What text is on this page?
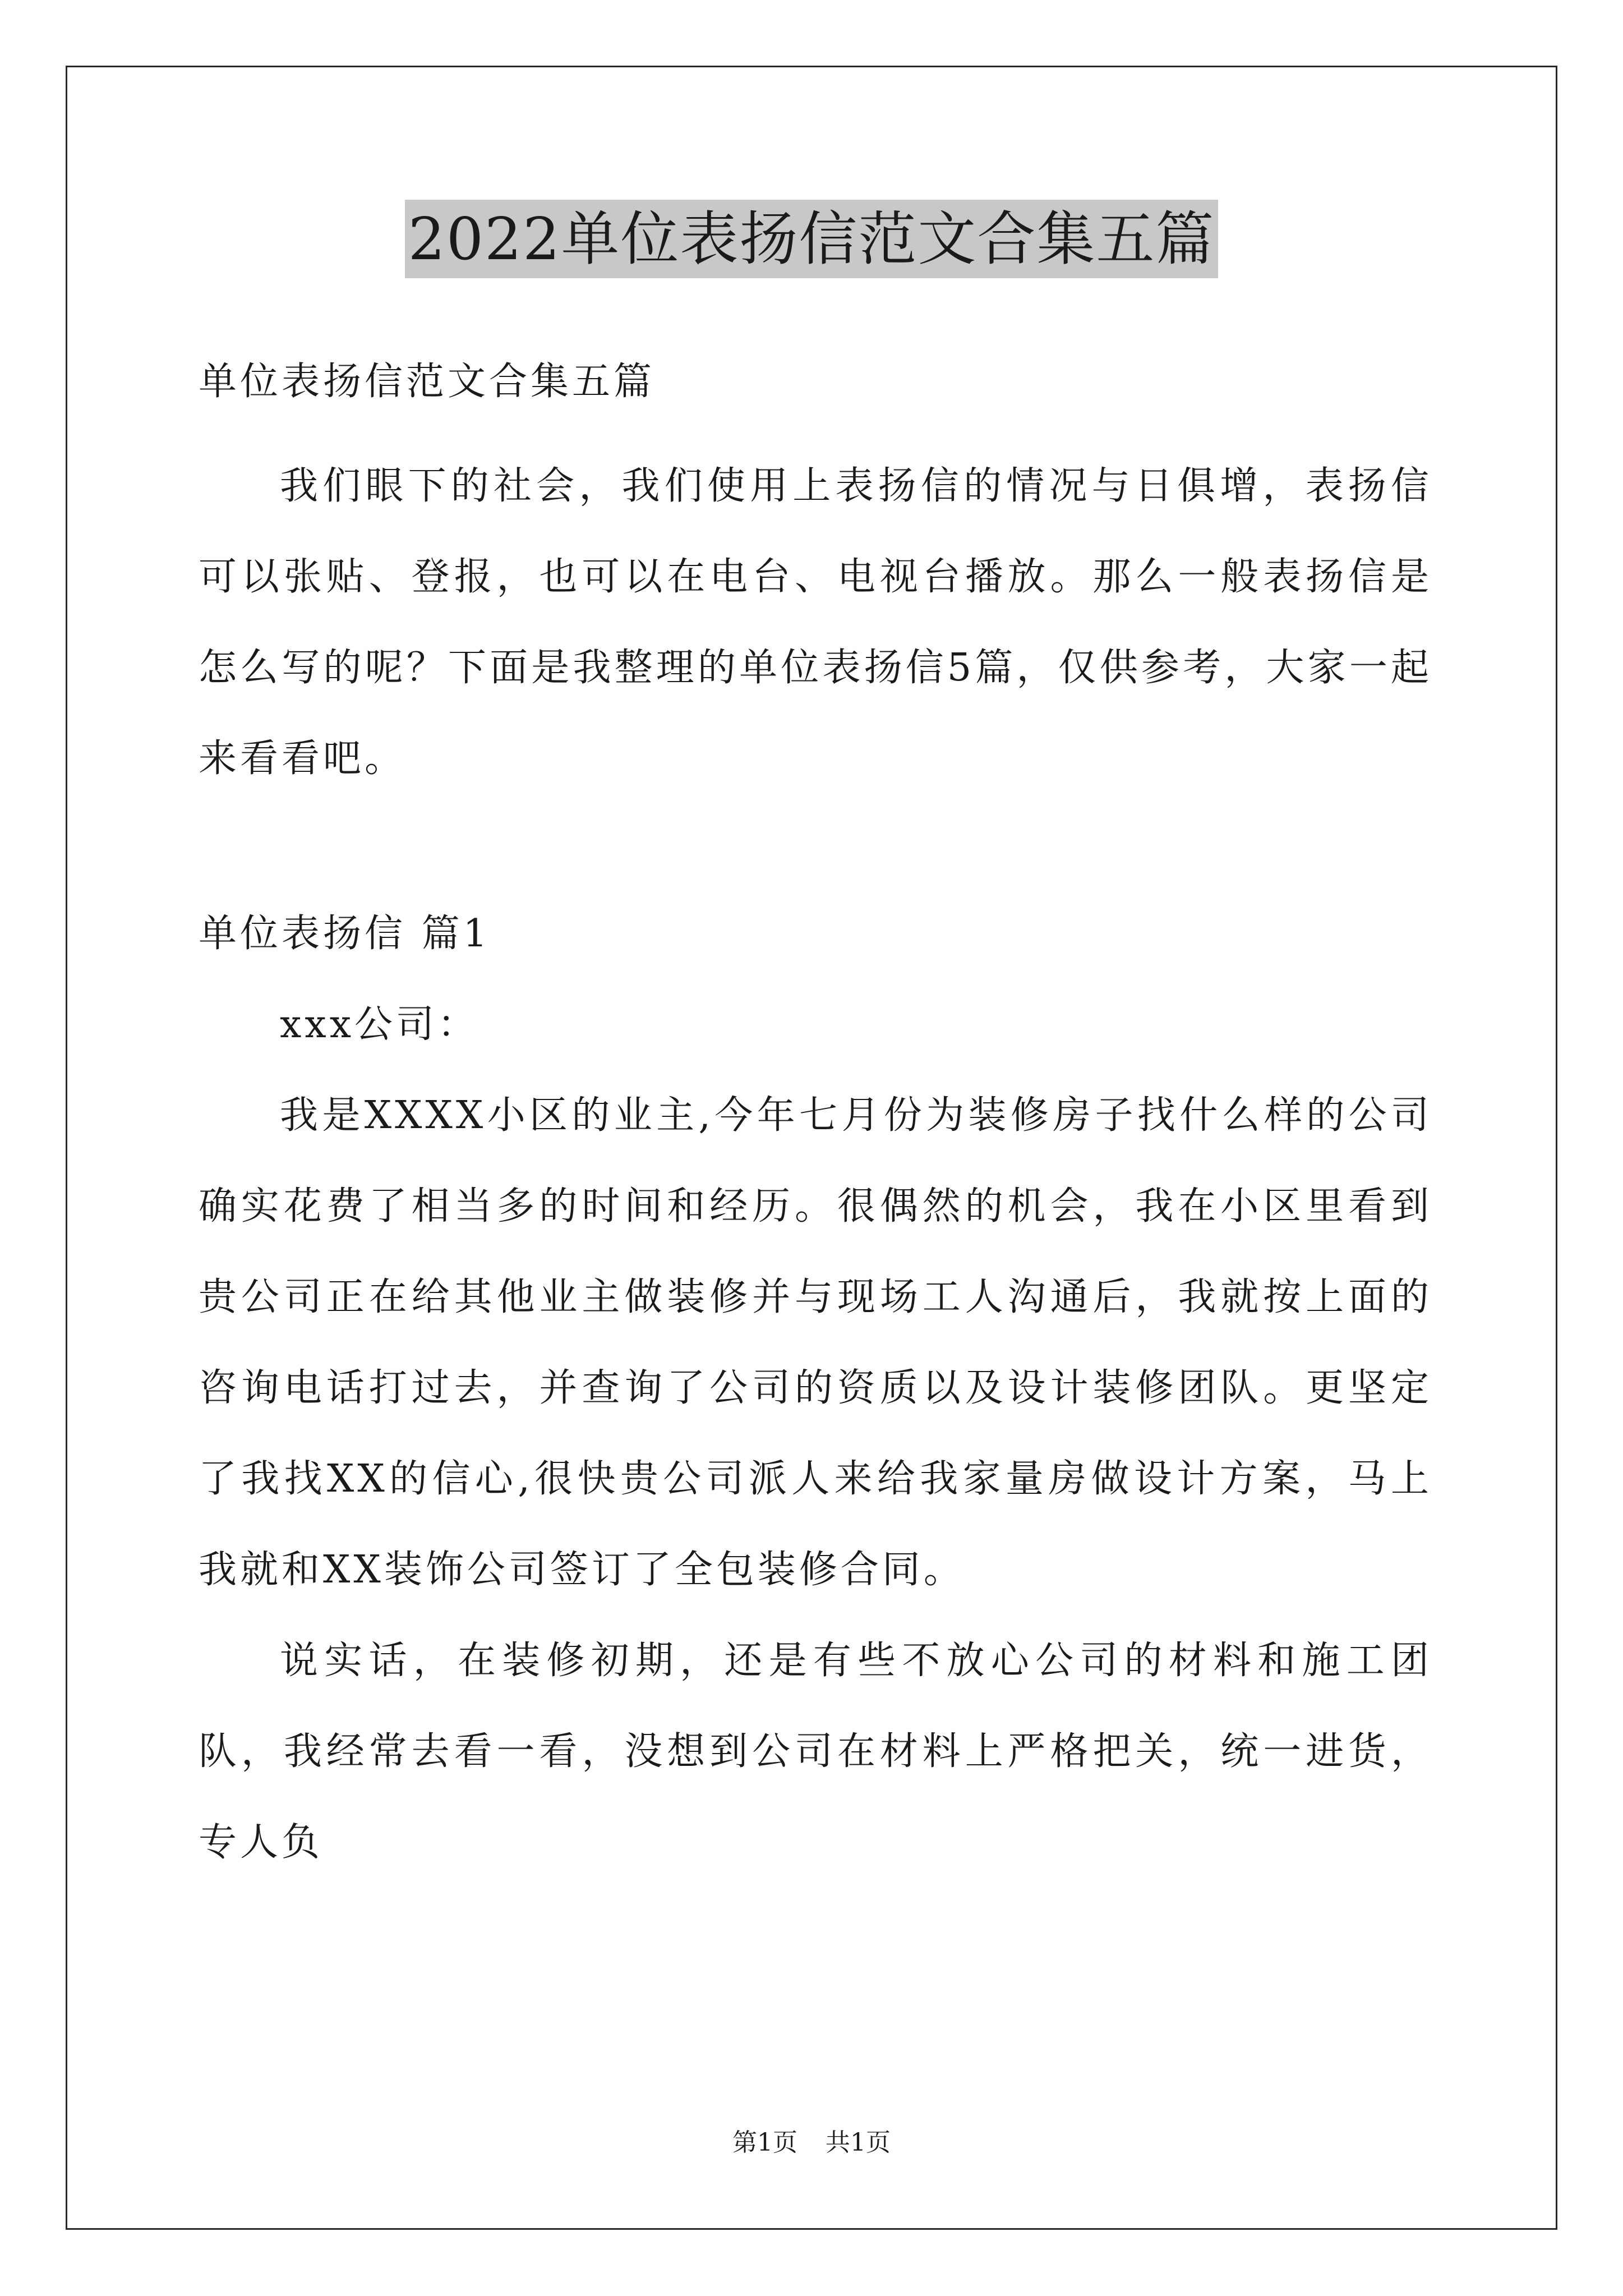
2022单位表扬信范文合集五篇

单位表扬信范文合集五篇

我们眼下的社会，我们使用上表扬信的情况与日俱增，表扬信可以张贴、登报，也可以在电台、电视台播放。那么一般表扬信是怎么写的呢？下面是我整理的单位表扬信5篇，仅供参考，大家一起来看看吧。

单位表扬信 篇1

xxx公司：

我是XXXX小区的业主,今年七月份为装修房子找什么样的公司确实花费了相当多的时间和经历。很偶然的机会，我在小区里看到贵公司正在给其他业主做装修并与现场工人沟通后，我就按上面的咨询电话打过去，并查询了公司的资质以及设计装修团队。更坚定了我找XX的信心,很快贵公司派人来给我家量房做设计方案，马上我就和XX装饰公司签订了全包装修合同。

说实话，在装修初期，还是有些不放心公司的材料和施工团队，我经常去看一看，没想到公司在材料上严格把关，统一进货，专人负

第1页 共1页
